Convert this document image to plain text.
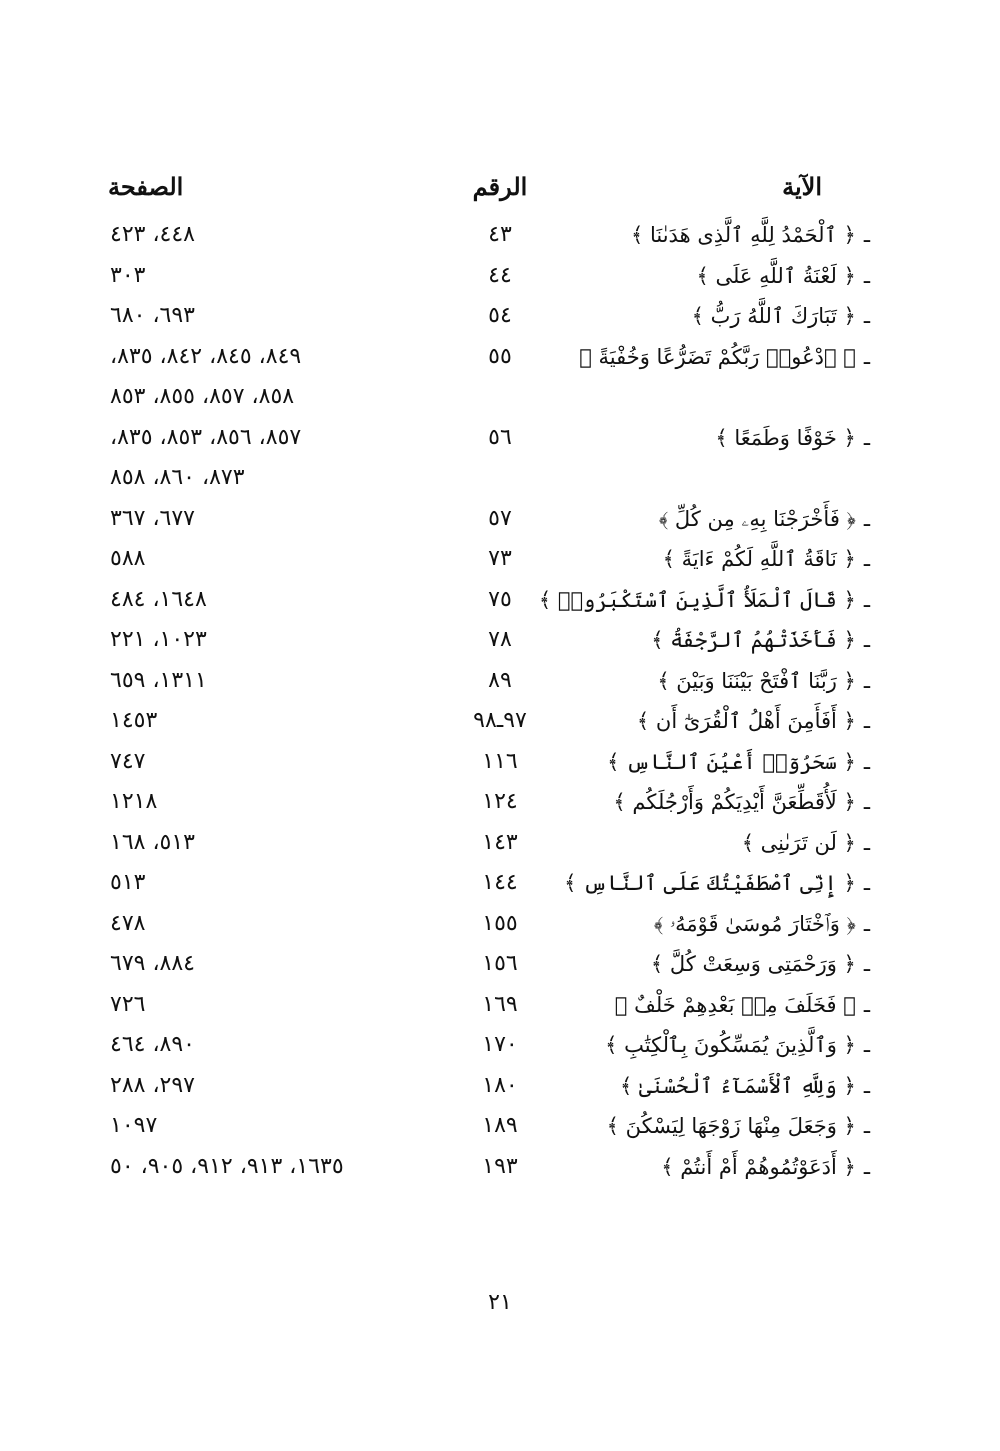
الآية
الرقم
الصفحة
ـ﴿ ٱلْحَمْدُ لِلَّهِ ٱلَّذِى هَدَىٰنَا ﴾
٤٣
٤٤٨، ٤٢٣
ـ﴿ لَعْنَةُ ٱللَّهِ عَلَى ﴾
٤٤
٣٠٣
ـ﴿ تَبَارَكَ ٱللَّهُ رَبُّ ﴾
٥٤
٦٩٣، ٦٨٠
ـ﴿ ٱدْعُوا۟ رَبَّكُمْ تَضَرُّعًا وَخُفْيَةً ﴾
٥٥
٨٤٩، ٨٤٥، ٨٤٢، ٨٣٥،
٨٥٨، ٨٥٧، ٨٥٥، ٨٥٣
ـ﴿ خَوْفًا وَطَمَعًا ﴾
٥٦
٨٥٧، ٨٥٦، ٨٥٣، ٨٣٥،
٨٧٣، ٨٦٠، ٨٥٨
ـ﴿ فَأَخْرَجْنَا بِهِۦ مِن كُلِّ ﴾
٥٧
٦٧٧، ٣٦٧
ـ﴿ نَاقَةُ ٱللَّهِ لَكُمْ ءَايَةً ﴾
٧٣
٥٨٨
ـ﴿ قَالَ ٱلْمَلَأُ ٱلَّذِينَ ٱسْتَكْبَرُوا۟ ﴾
٧٥
١٦٤٨، ٤٨٤
ـ﴿ فَأَخَذَتْهُمُ ٱلرَّجْفَةُ ﴾
٧٨
١٠٢٣، ٢٢١
ـ﴿ رَبَّنَا ٱفْتَحْ بَيْنَنَا وَبَيْنَ ﴾
٨٩
١٣١١، ٦٥٩
ـ﴿ أَفَأَمِنَ أَهْلُ ٱلْقُرَىٰٓ أَن ﴾
٩٧ـ٩٨
١٤٥٣
ـ﴿ سَحَرُوٓا۟ أَعْيُنَ ٱلنَّاسِ ﴾
١١٦
٧٤٧
ـ﴿ لَأُقَطِّعَنَّ أَيْدِيَكُمْ وَأَرْجُلَكُم ﴾
١٢٤
١٢١٨
ـ﴿ لَن تَرَىٰنِى ﴾
١٤٣
٥١٣، ١٦٨
ـ﴿ إِنِّى ٱصْطَفَيْتُكَ عَلَى ٱلنَّاسِ ﴾
١٤٤
٥١٣
ـ﴿ وَٱخْتَارَ مُوسَىٰ قَوْمَهُۥ ﴾
١٥٥
٤٧٨
ـ﴿ وَرَحْمَتِى وَسِعَتْ كُلَّ ﴾
١٥٦
٨٨٤، ٦٧٩
ـ﴿ فَخَلَفَ مِنۢ بَعْدِهِمْ خَلْفٌ ﴾
١٦٩
٧٢٦
ـ﴿ وَٱلَّذِينَ يُمَسِّكُونَ بِٱلْكِتَٰبِ ﴾
١٧٠
٨٩٠، ٤٦٤
ـ﴿ وَلِلَّهِ ٱلْأَسْمَآءُ ٱلْحُسْنَىٰ ﴾
١٨٠
٢٩٧، ٢٨٨
ـ﴿ وَجَعَلَ مِنْهَا زَوْجَهَا لِيَسْكُنَ ﴾
١٨٩
١٠٩٧
ـ﴿ أَدَعَوْتُمُوهُمْ أَمْ أَنتُمْ ﴾
١٩٣
١٦٣٥، ٩١٣، ٩١٢، ٩٠٥، ٥٠
٢١
